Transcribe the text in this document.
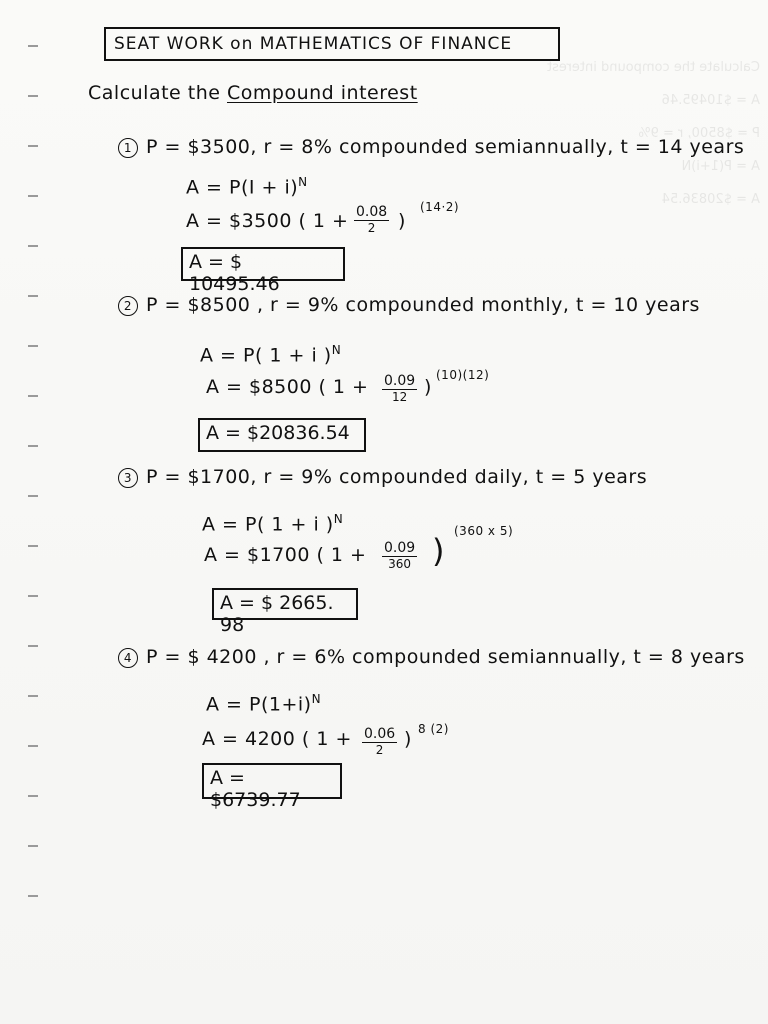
Calculate the compound interest
A = $10495.46
P = $8500, r = 9%
A = P(1+i)N
A = $20836.54
SEAT WORK on MATHEMATICS OF FINANCE
Calculate the Compound interest
1 P = $3500, r = 8% compounded semiannually, t = 14 years
$A = P(I + i)^N$
A = $3500 ( $1 + \frac{0.08}{2}$ )
(14·2)
A = $ 10495.46
2 P = $8500 , r = 9% compounded monthly, t = 10 years
A = P( 1 + i )$^N$
A = $8500 ( $1 + \frac{0.09}{12}$ )
(10)(12)
A = $20836.54
3 P = $1700, r = 9% compounded daily, t = 5 years
A = P( 1 + i )$^N$
A = $1700 ( $1 + \frac{0.09}{360}$ )
(360 x 5)
A = $ 2665. 98
4 P = $ 4200 , r = 6% compounded semiannually, t = 8 years
$A = P(1+i)^N$
A = 4200 ( $1 + \frac{0.06}{2}$ ) 8 (2)
A = $6739.77
